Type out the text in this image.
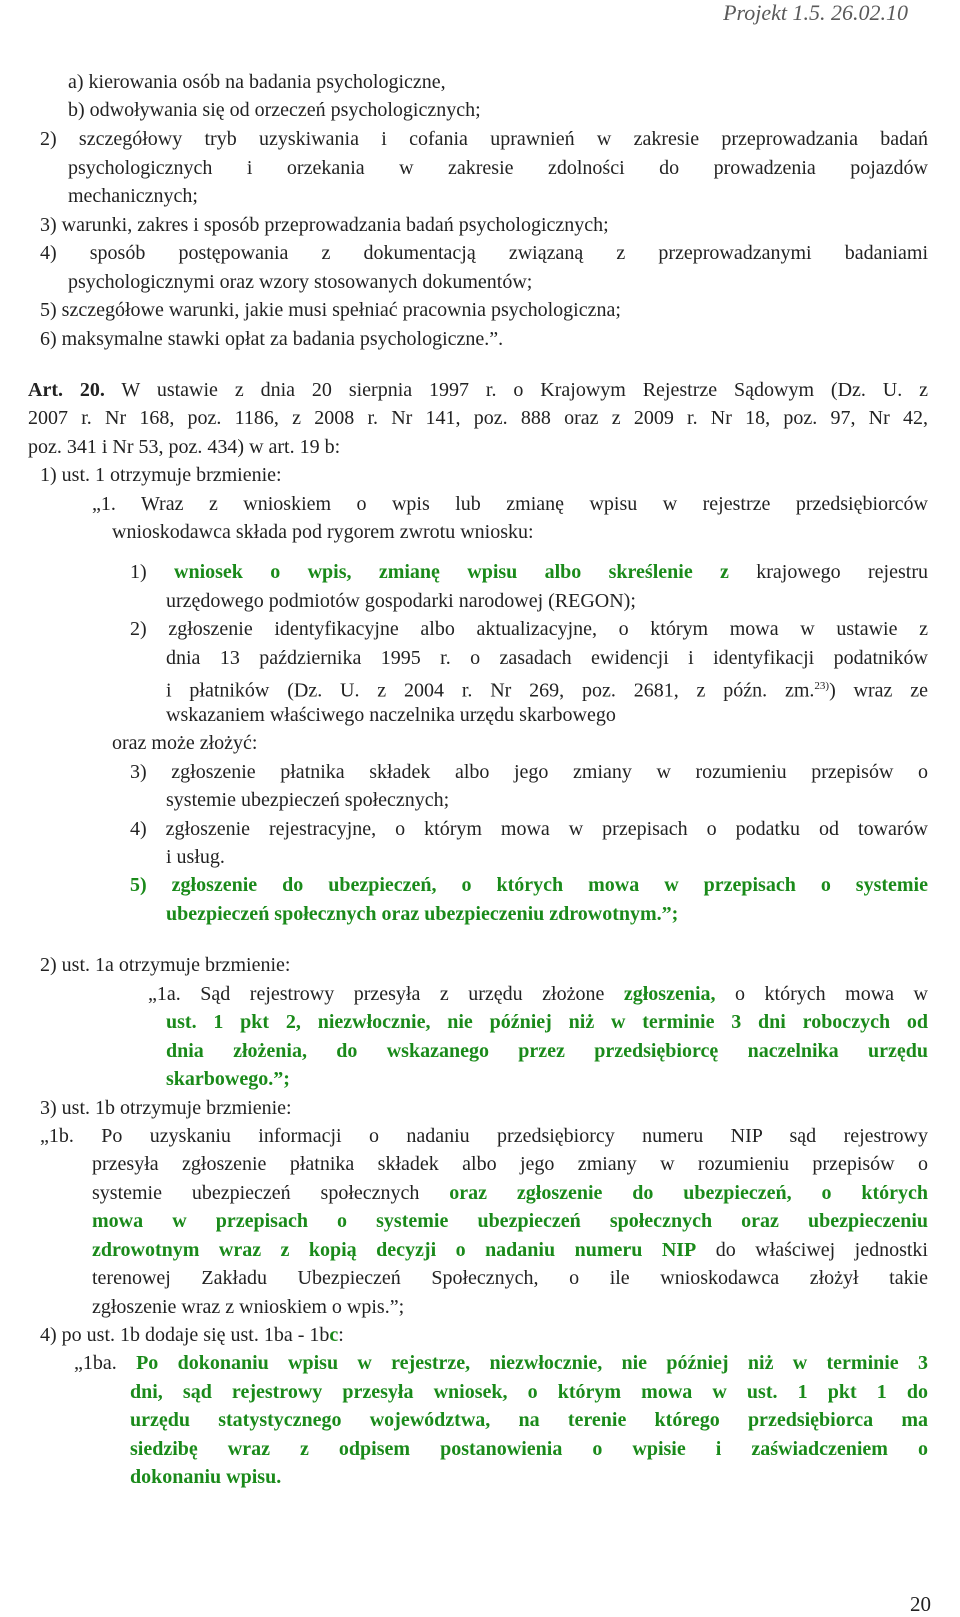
Projekt 1.5. 26.02.10
a) kierowania osób na badania psychologiczne,
b) odwoływania się od orzeczeń psychologicznych;
2) szczegółowy tryb uzyskiwania i cofania uprawnień w zakresie przeprowadzania badań
psychologicznych i orzekania w zakresie zdolności do prowadzenia pojazdów
mechanicznych;
3) warunki, zakres i sposób przeprowadzania badań psychologicznych;
4) sposób postępowania z dokumentacją związaną z przeprowadzanymi badaniami
psychologicznymi oraz wzory stosowanych dokumentów;
5) szczegółowe warunki, jakie musi spełniać pracownia psychologiczna;
6) maksymalne stawki opłat za badania psychologiczne.”.
Art. 20. W ustawie z dnia 20 sierpnia 1997 r. o Krajowym Rejestrze Sądowym (Dz. U. z
2007 r. Nr 168, poz. 1186, z 2008 r. Nr 141, poz. 888 oraz z 2009 r. Nr 18, poz. 97, Nr 42,
poz. 341 i Nr 53, poz. 434) w art. 19 b:
1) ust. 1 otrzymuje brzmienie:
„1. Wraz z wnioskiem o wpis lub zmianę wpisu w rejestrze przedsiębiorców
wnioskodawca składa pod rygorem zwrotu wniosku:
1) wniosek o wpis, zmianę wpisu albo skreślenie z krajowego rejestru
urzędowego podmiotów gospodarki narodowej (REGON);
2) zgłoszenie identyfikacyjne albo aktualizacyjne, o którym mowa w ustawie z
dnia 13 października 1995 r. o zasadach ewidencji i identyfikacji podatników
i płatników (Dz. U. z 2004 r. Nr 269, poz. 2681, z późn. zm.$^{23)}$) wraz ze
wskazaniem właściwego naczelnika urzędu skarbowego
oraz może złożyć:
3) zgłoszenie płatnika składek albo jego zmiany w rozumieniu przepisów o
systemie ubezpieczeń społecznych;
4) zgłoszenie rejestracyjne, o którym mowa w przepisach o podatku od towarów
i usług.
5) zgłoszenie do ubezpieczeń, o których mowa w przepisach o systemie
ubezpieczeń społecznych oraz ubezpieczeniu zdrowotnym.”;
2) ust. 1a otrzymuje brzmienie:
„1a. Sąd rejestrowy przesyła z urzędu złożone zgłoszenia, o których mowa w
ust. 1 pkt 2, niezwłocznie, nie później niż w terminie 3 dni roboczych od
dnia złożenia, do wskazanego przez przedsiębiorcę naczelnika urzędu
skarbowego.”;
3) ust. 1b otrzymuje brzmienie:
„1b. Po uzyskaniu informacji o nadaniu przedsiębiorcy numeru NIP sąd rejestrowy
przesyła zgłoszenie płatnika składek albo jego zmiany w rozumieniu przepisów o
systemie ubezpieczeń społecznych oraz zgłoszenie do ubezpieczeń, o których
mowa w przepisach o systemie ubezpieczeń społecznych oraz ubezpieczeniu
zdrowotnym wraz z kopią decyzji o nadaniu numeru NIP do właściwej jednostki
terenowej Zakładu Ubezpieczeń Społecznych, o ile wnioskodawca złożył takie
zgłoszenie wraz z wnioskiem o wpis.”;
4) po ust. 1b dodaje się ust. 1ba - 1bc:
„1ba. Po dokonaniu wpisu w rejestrze, niezwłocznie, nie później niż w terminie 3
dni, sąd rejestrowy przesyła wniosek, o którym mowa w ust. 1 pkt 1 do
urzędu statystycznego województwa, na terenie którego przedsiębiorca ma
siedzibę wraz z odpisem postanowienia o wpisie i zaświadczeniem o
dokonaniu wpisu.
20
